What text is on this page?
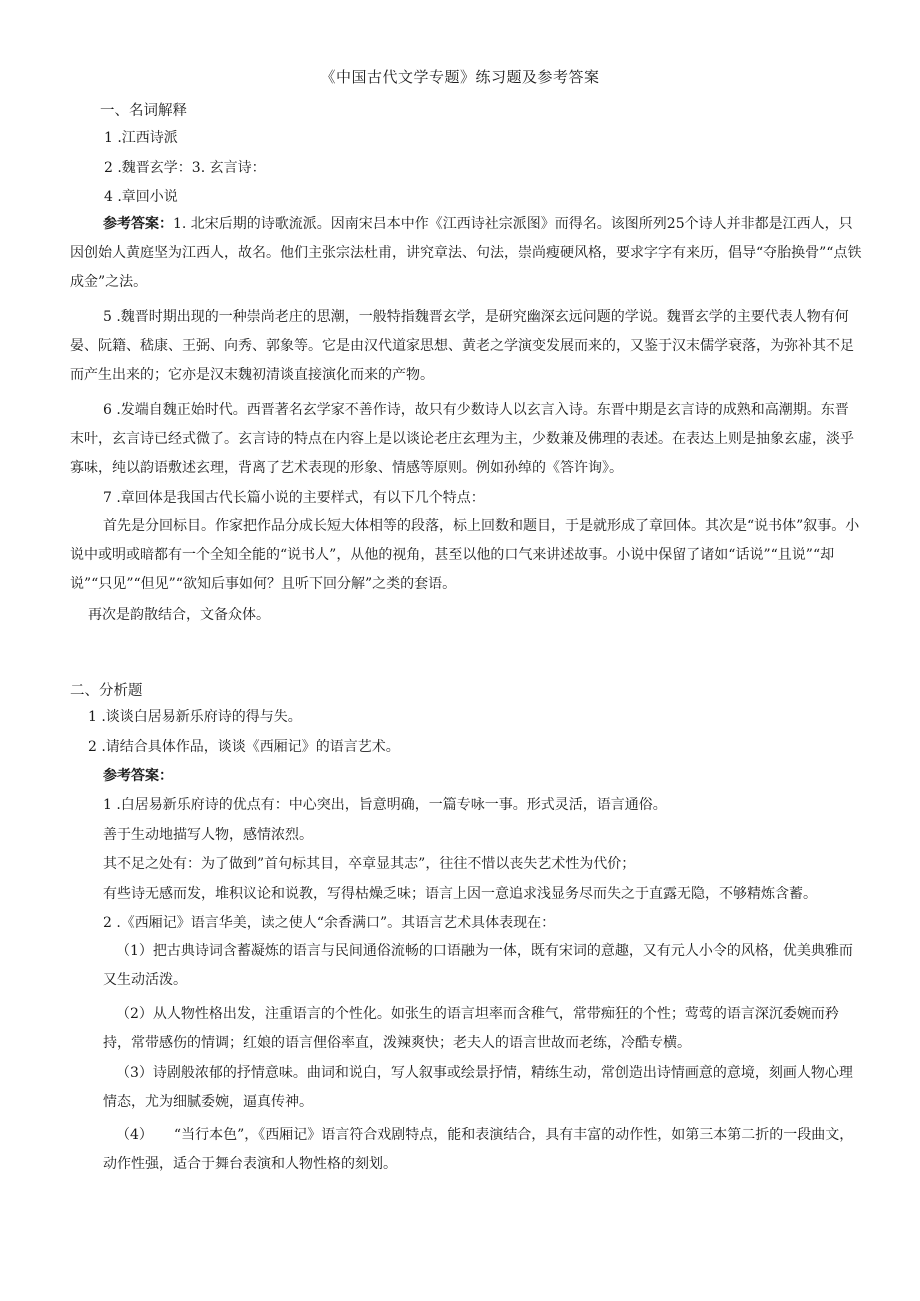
《中国古代文学专题》练习题及参考答案
一、名词解释
1 .江西诗派
2 .魏晋玄学：3. 玄言诗：
4 .章回小说
参考答案：1. 北宋后期的诗歌流派。因南宋吕本中作《江西诗社宗派图》而得名。该图所列25个诗人并非都是江西人，只因创始人黄庭坚为江西人，故名。他们主张宗法杜甫，讲究章法、句法，崇尚瘦硬风格，要求字字有来历，倡导“夺胎换骨”“点铁成金”之法。
5 .魏晋时期出现的一种崇尚老庄的思潮，一般特指魏晋玄学，是研究幽深玄远问题的学说。魏晋玄学的主要代表人物有何晏、阮籍、嵇康、王弼、向秀、郭象等。它是由汉代道家思想、黄老之学演变发展而来的，又鉴于汉末儒学衰落，为弥补其不足而产生出来的；它亦是汉末魏初清谈直接演化而来的产物。
6 .发端自魏正始时代。西晋著名玄学家不善作诗，故只有少数诗人以玄言入诗。东晋中期是玄言诗的成熟和高潮期。东晋末叶，玄言诗已经式微了。玄言诗的特点在内容上是以谈论老庄玄理为主，少数兼及佛理的表述。在表达上则是抽象玄虚，淡乎寡味，纯以韵语敷述玄理，背离了艺术表现的形象、情感等原则。例如孙绰的《答许询》。
7 .章回体是我国古代长篇小说的主要样式，有以下几个特点：
首先是分回标目。作家把作品分成长短大体相等的段落，标上回数和题目，于是就形成了章回体。其次是“说书体”叙事。小说中或明或暗都有一个全知全能的“说书人”，从他的视角，甚至以他的口气来讲述故事。小说中保留了诸如“话说”“且说”“却说”“只见”“但见”“欲知后事如何？且听下回分解”之类的套语。
再次是韵散结合，文备众体。
二、分析题
1 .谈谈白居易新乐府诗的得与失。
2 .请结合具体作品，谈谈《西厢记》的语言艺术。
参考答案：
1 .白居易新乐府诗的优点有：中心突出，旨意明确，一篇专咏一事。形式灵活，语言通俗。
善于生动地描写人物，感情浓烈。
其不足之处有：为了做到”首句标其目，卒章显其志”，往往不惜以丧失艺术性为代价；
有些诗无感而发，堆积议论和说教，写得枯燥乏味；语言上因一意追求浅显务尽而失之于直露无隐，不够精炼含蓄。
2 .《西厢记》语言华美，读之使人“余香满口”。其语言艺术具体表现在：
（1）把古典诗词含蓄凝炼的语言与民间通俗流畅的口语融为一体，既有宋词的意趣，又有元人小令的风格，优美典雅而又生动活泼。
（2）从人物性格出发，注重语言的个性化。如张生的语言坦率而含稚气，常带痴狂的个性；莺莺的语言深沉委婉而矜持，常带感伤的情调；红娘的语言俚俗率直，泼辣爽快；老夫人的语言世故而老练，冷酷专横。
（3）诗剧般浓郁的抒情意味。曲词和说白，写人叙事或绘景抒情，精练生动，常创造出诗情画意的意境，刻画人物心理情态，尤为细腻委婉，逼真传神。
（4）　　“当行本色”，《西厢记》语言符合戏剧特点，能和表演结合，具有丰富的动作性，如第三本第二折的一段曲文，动作性强，适合于舞台表演和人物性格的刻划。
